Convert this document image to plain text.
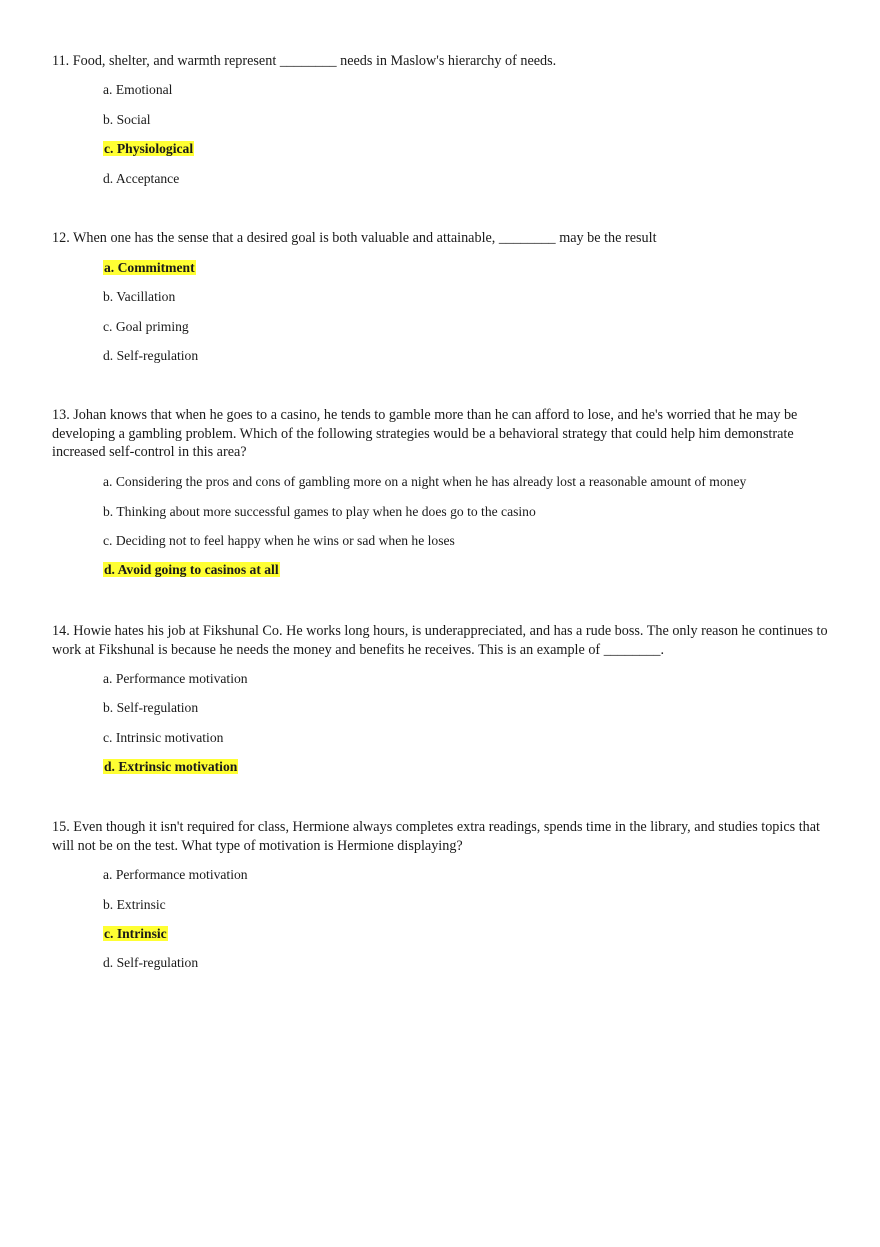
11. Food, shelter, and warmth represent ________ needs in Maslow's hierarchy of needs.

a. Emotional
b. Social
c. Physiological
d. Acceptance

12. When one has the sense that a desired goal is both valuable and attainable, ________ may be the result

a. Commitment
b. Vacillation
c. Goal priming
d. Self-regulation

13. Johan knows that when he goes to a casino, he tends to gamble more than he can afford to lose, and he's worried that he may be developing a gambling problem. Which of the following strategies would be a behavioral strategy that could help him demonstrate increased self-control in this area?

a. Considering the pros and cons of gambling more on a night when he has already lost a reasonable amount of money
b. Thinking about more successful games to play when he does go to the casino
c. Deciding not to feel happy when he wins or sad when he loses
d. Avoid going to casinos at all

14. Howie hates his job at Fikshunal Co. He works long hours, is underappreciated, and has a rude boss. The only reason he continues to work at Fikshunal is because he needs the money and benefits he receives. This is an example of ________.

a. Performance motivation
b. Self-regulation
c. Intrinsic motivation
d. Extrinsic motivation

15. Even though it isn't required for class, Hermione always completes extra readings, spends time in the library, and studies topics that will not be on the test. What type of motivation is Hermione displaying?

a. Performance motivation
b. Extrinsic
c. Intrinsic
d. Self-regulation
